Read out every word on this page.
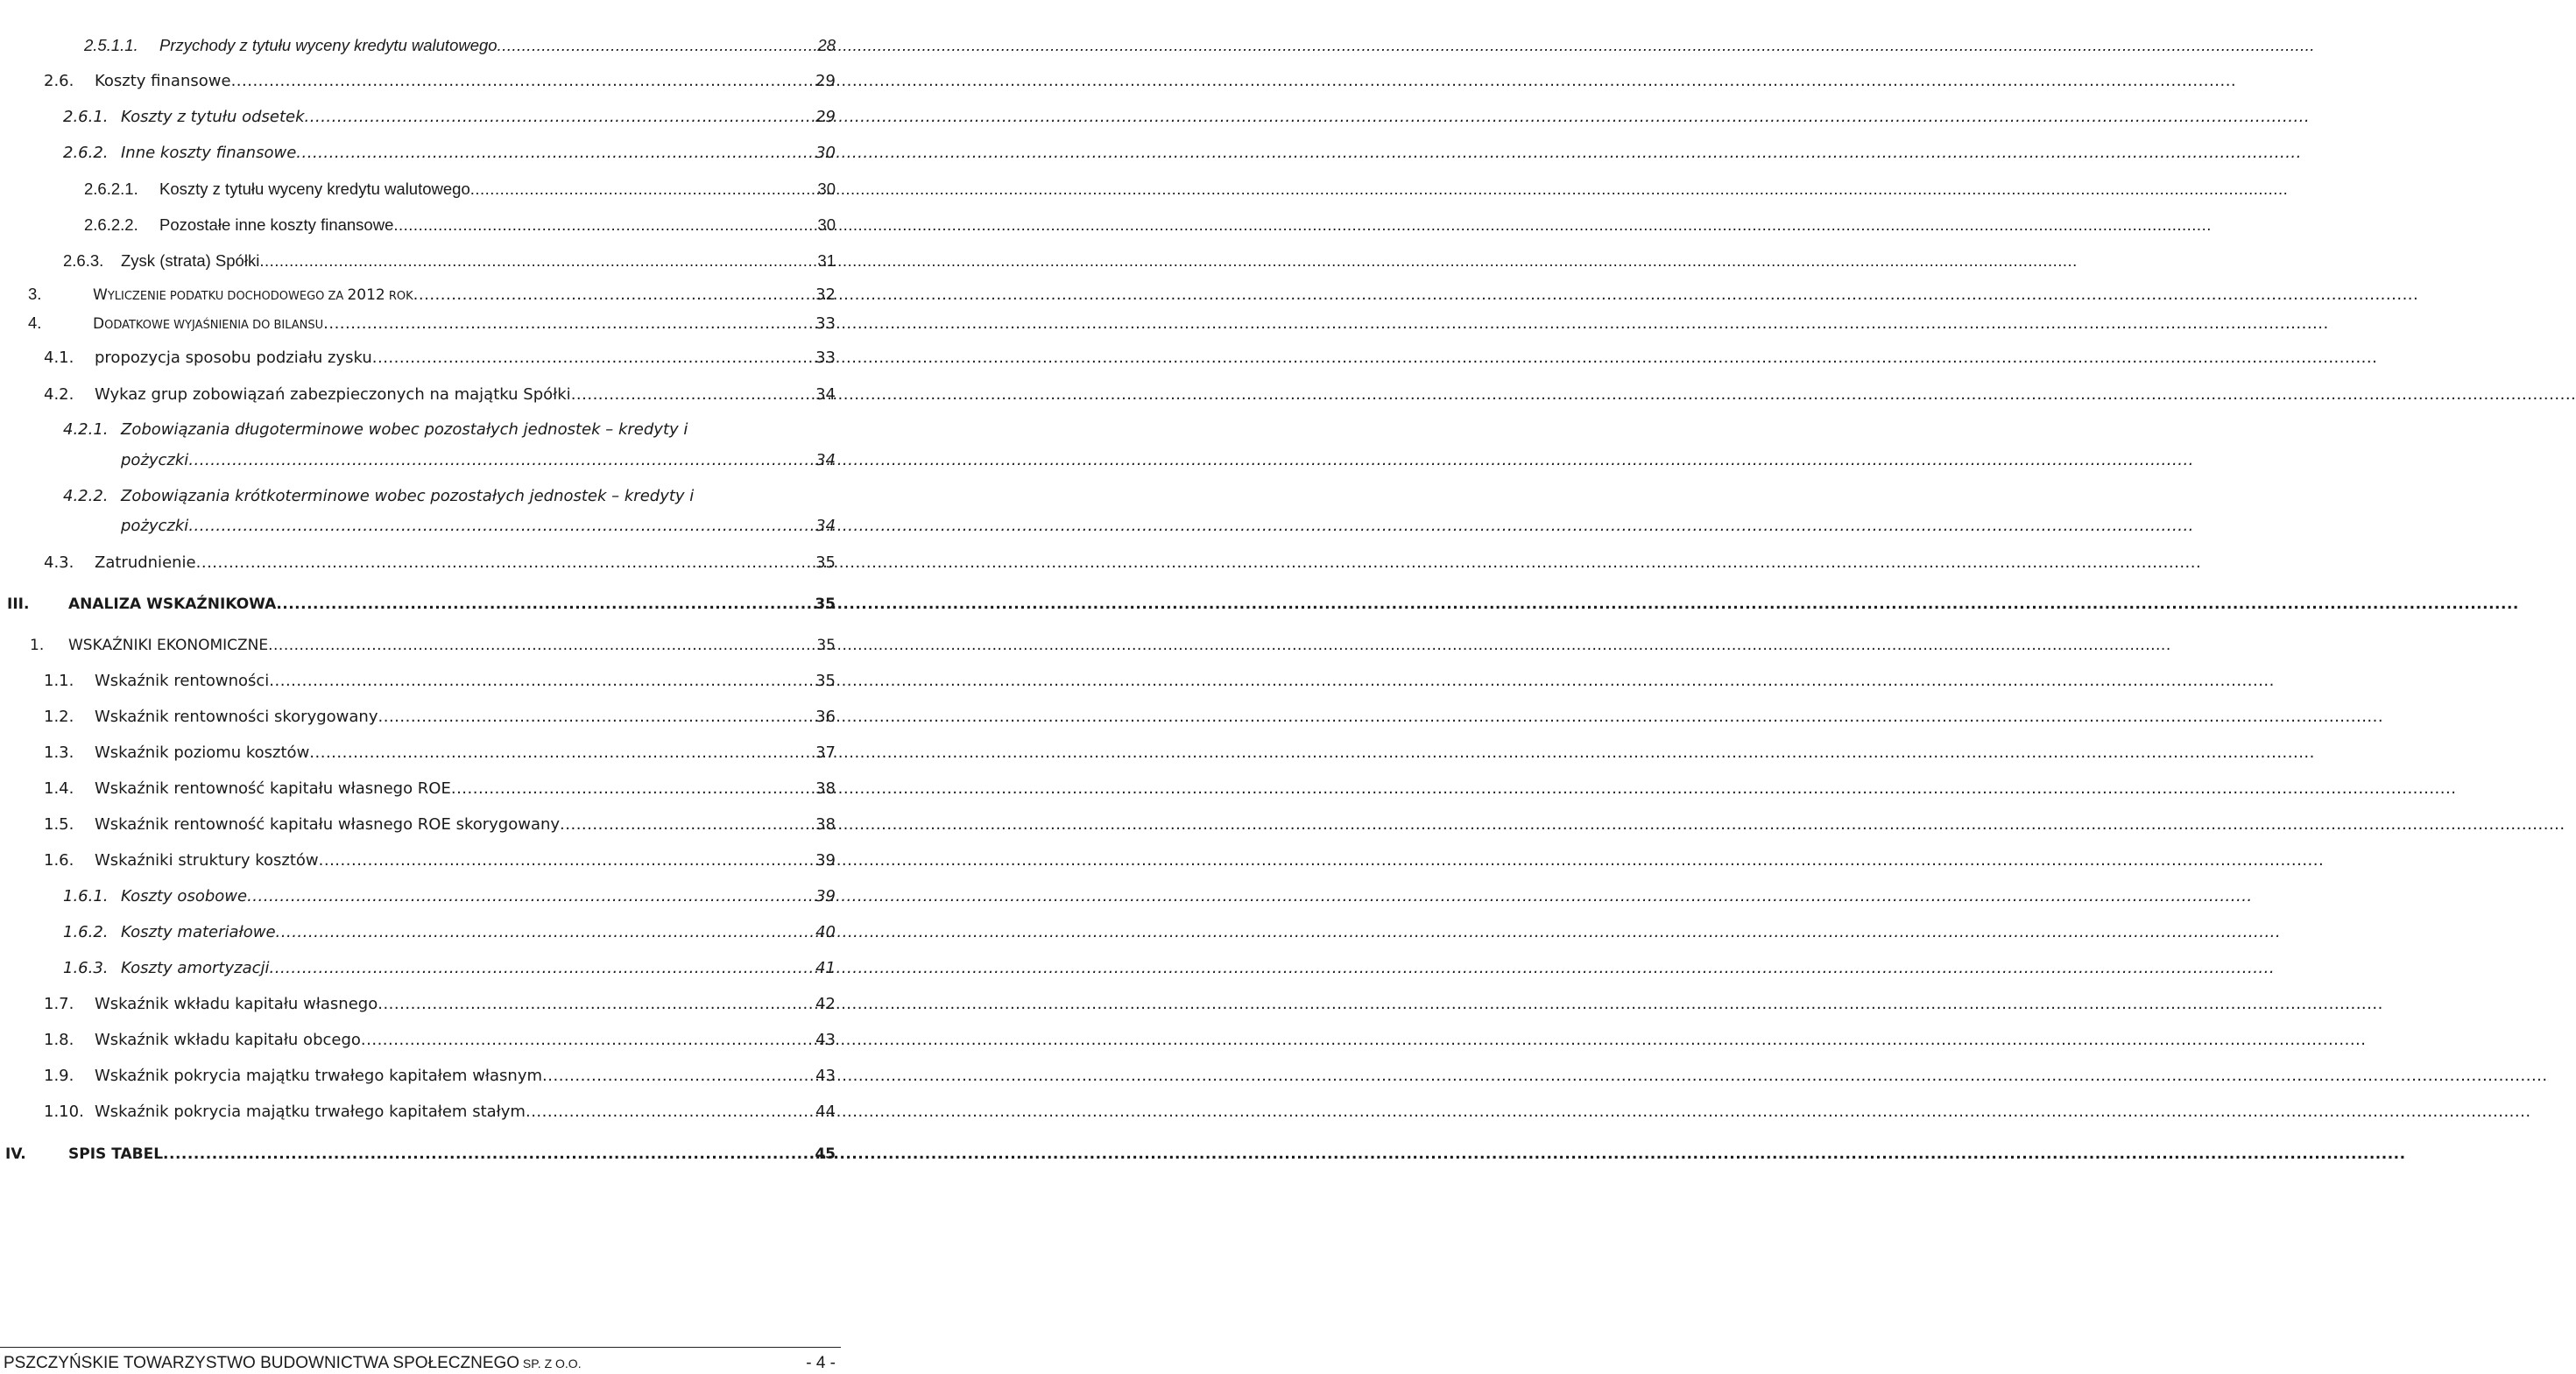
2.5.1.1.	Przychody z tytułu wyceny kredytu walutowego .....	28
2.6.	Koszty finansowe .....	29
2.6.1. Koszty z tytułu odsetek .....	29
2.6.2. Inne koszty finansowe .....	30
2.6.2.1.	Koszty z tytułu wyceny kredytu walutowego .....	30
2.6.2.2.	Pozostałe inne koszty finansowe .....	30
2.6.3.	Zysk (strata) Spółki .....	31
3.	WYLICZENIE PODATKU DOCHODOWEGO ZA 2012 ROK .....	32
4.	DODATKOWE WYJAŚNIENIA DO BILANSU .....	33
4.1.	propozycja sposobu podziału zysku .....	33
4.2.	Wykaz grup zobowiązań zabezpieczonych na majątku Spółki .....	34
4.2.1. Zobowiązania długoterminowe wobec pozostałych jednostek – kredyty i
pożyczki .....	34
4.2.2. Zobowiązania krótkoterminowe wobec pozostałych jednostek – kredyty i
pożyczki .....	34
4.3.	Zatrudnienie .....	35
III.	ANALIZA WSKAŹNIKOWA .....	35
1.	WSKAŹNIKI EKONOMICZNE .....	35
1.1.	Wskaźnik rentowności .....	35
1.2.	Wskaźnik rentowności skorygowany .....	36
1.3.	Wskaźnik poziomu kosztów .....	37
1.4.	Wskaźnik rentowność kapitału własnego ROE .....	38
1.5.	Wskaźnik rentowność kapitału własnego ROE skorygowany .....	38
1.6.	Wskaźniki struktury kosztów .....	39
1.6.1. Koszty osobowe .....	39
1.6.2. Koszty materiałowe .....	40
1.6.3. Koszty amortyzacji .....	41
1.7.	Wskaźnik wkładu kapitału własnego .....	42
1.8.	Wskaźnik wkładu kapitału obcego .....	43
1.9.	Wskaźnik pokrycia majątku trwałego kapitałem własnym .....	43
1.10. Wskaźnik pokrycia majątku trwałego kapitałem stałym .....	44
IV.	SPIS TABEL .....	45
PSZCZYŃSKIE TOWARZYSTWO BUDOWNICTWA SPOŁECZNEGO SP. Z O.O.	- 4 -
